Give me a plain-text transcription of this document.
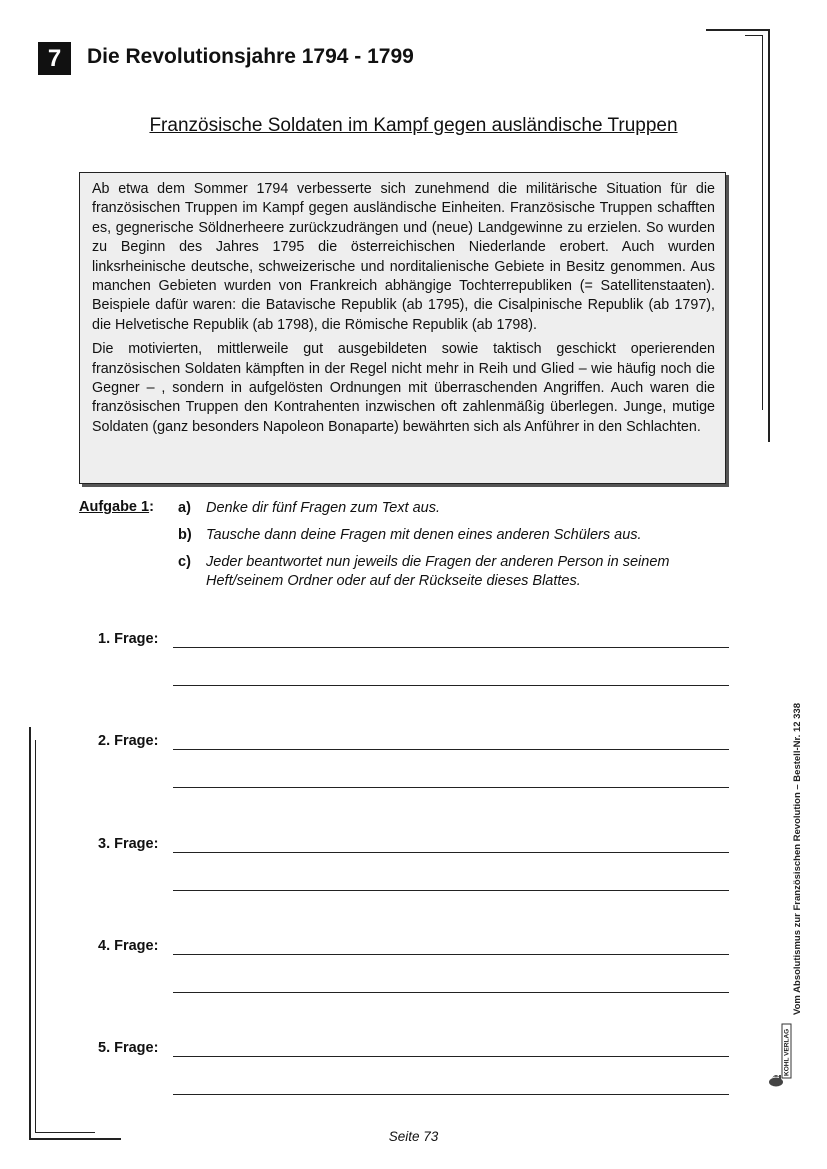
7	Die Revolutionsjahre 1794 - 1799
Französische Soldaten im Kampf gegen ausländische Truppen

Ab etwa dem Sommer 1794 verbesserte sich zunehmend die militärische Situation für die französischen Truppen im Kampf gegen ausländische Einheiten. Französische Truppen schafften es, gegnerische Söldnerheere zurückzudrängen und (neue) Landgewinne zu erzielen. So wurden zu Beginn des Jahres 1795 die österreichischen Niederlande erobert. Auch wurden linksrheinische deutsche, schweizerische und norditalienische Gebiete in Besitz genommen. Aus manchen Gebieten wurden von Frankreich abhängige Tochterrepubliken (= Satellitenstaaten). Beispiele dafür waren: die Batavische Republik (ab 1795), die Cisalpinische Republik (ab 1797), die Helvetische Republik (ab 1798), die Römische Republik (ab 1798).

Die motivierten, mittlerweile gut ausgebildeten sowie taktisch geschickt operierenden französischen Soldaten kämpften in der Regel nicht mehr in Reih und Glied – wie häufig noch die Gegner – , sondern in aufgelösten Ordnungen mit überraschenden Angriffen. Auch waren die französischen Truppen den Kontrahenten inzwischen oft zahlenmäßig überlegen. Junge, mutige Soldaten (ganz besonders Napoleon Bonaparte) bewährten sich als Anführer in den Schlachten.

Aufgabe 1: a) Denke dir fünf Fragen zum Text aus.
b) Tausche dann deine Fragen mit denen eines anderen Schülers aus.
c) Jeder beantwortet nun jeweils die Fragen der anderen Person in seinem Heft/seinem Ordner oder auf der Rückseite dieses Blattes.
1. Frage:
2. Frage:
3. Frage:
4. Frage:
5. Frage:
Vom Absolutismus zur Französischen Revolution – Bestell-Nr. 12 338
KOHL VERLAG
Seite 73
